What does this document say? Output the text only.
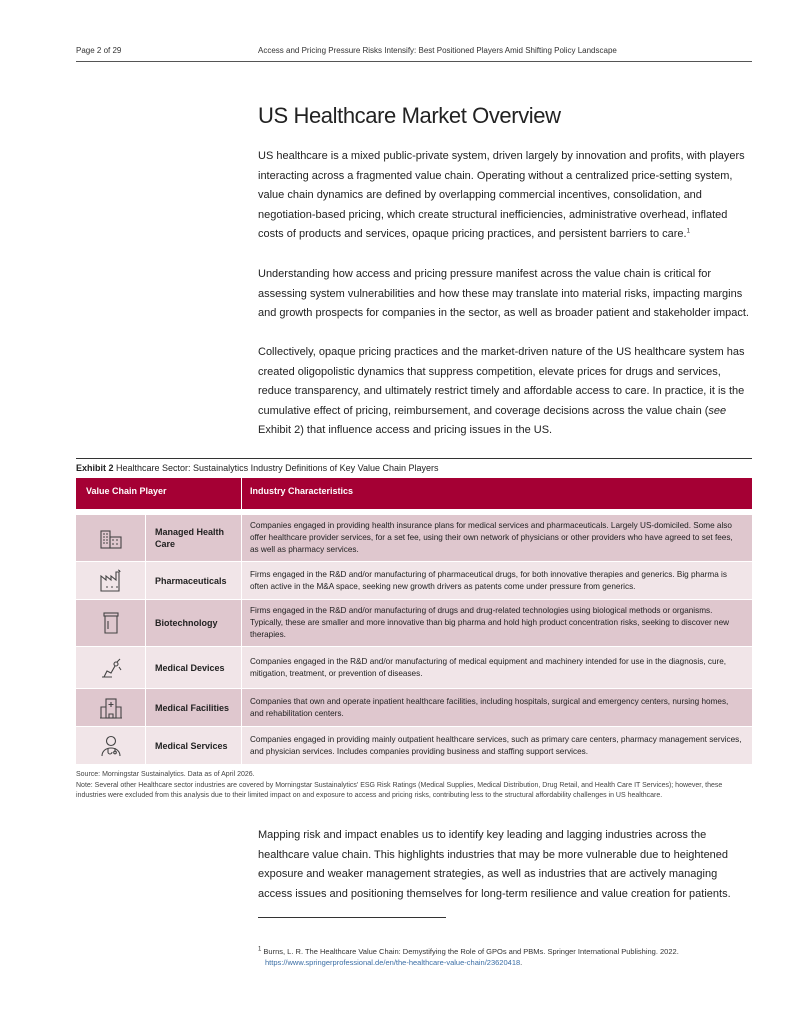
Page 2 of 29	Access and Pricing Pressure Risks Intensify: Best Positioned Players Amid Shifting Policy Landscape
US Healthcare Market Overview

US healthcare is a mixed public-private system, driven largely by innovation and profits, with players interacting across a fragmented value chain. Operating without a centralized price-setting system, value chain dynamics are defined by overlapping commercial incentives, consolidation, and negotiation-based pricing, which create structural inefficiencies, administrative overhead, inflated costs of products and services, opaque pricing practices, and persistent barriers to care.$^1$

Understanding how access and pricing pressure manifest across the value chain is critical for assessing system vulnerabilities and how these may translate into material risks, impacting margins and growth prospects for companies in the sector, as well as broader patient and stakeholder impact.

Collectively, opaque pricing practices and the market-driven nature of the US healthcare system has created oligopolistic dynamics that suppress competition, elevate prices for drugs and services, reduce transparency, and ultimately restrict timely and affordable access to care. In practice, it is the cumulative effect of pricing, reimbursement, and coverage decisions across the value chain (see Exhibit 2) that influence access and pricing issues in the US.

Exhibit 2 Healthcare Sector: Sustainalytics Industry Definitions of Key Value Chain Players
Value Chain Player	Industry Characteristics
Managed Health Care
Companies engaged in providing health insurance plans for medical services and pharmaceuticals. Largely US-domiciled. Some also offer healthcare provider services, for a set fee, using their own network of physicians or other providers who have agreed to set fees, as well as pharmacy services.
Pharmaceuticals
Firms engaged in the R&D and/or manufacturing of pharmaceutical drugs, for both innovative therapies and generics. Big pharma is often active in the M&A space, seeking new growth drivers as patents come under pressure from generics.
Biotechnology
Firms engaged in the R&D and/or manufacturing of drugs and drug-related technologies using biological methods or organisms. Typically, these are smaller and more innovative than big pharma and hold high product concentration risks, seeking to discover new therapies.
Medical Devices
Companies engaged in the R&D and/or manufacturing of medical equipment and machinery intended for use in the diagnosis, cure, mitigation, treatment, or prevention of diseases.
Medical Facilities
Companies that own and operate inpatient healthcare facilities, including hospitals, surgical and emergency centers, nursing homes, and rehabilitation centers.
Medical Services
Companies engaged in providing mainly outpatient healthcare services, such as primary care centers, pharmacy management services, and physician services. Includes companies providing business and staffing support services.
Source: Morningstar Sustainalytics. Data as of April 2026.
Note: Several other Healthcare sector industries are covered by Morningstar Sustainalytics' ESG Risk Ratings (Medical Supplies, Medical Distribution, Drug Retail, and Health Care IT Services); however, these industries were excluded from this analysis due to their limited impact on and exposure to access and pricing risks, contributing less to the structural affordability challenges in US healthcare.

Mapping risk and impact enables us to identify key leading and lagging industries across the healthcare value chain. This highlights industries that may be more vulnerable due to heightened exposure and weaker management strategies, as well as industries that are actively managing access issues and positioning themselves for long-term resilience and value creation for patients.

$^1$ Burns, L. R. The Healthcare Value Chain: Demystifying the Role of GPOs and PBMs. Springer International Publishing. 2022.
https://www.springerprofessional.de/en/the-healthcare-value-chain/23620418.
